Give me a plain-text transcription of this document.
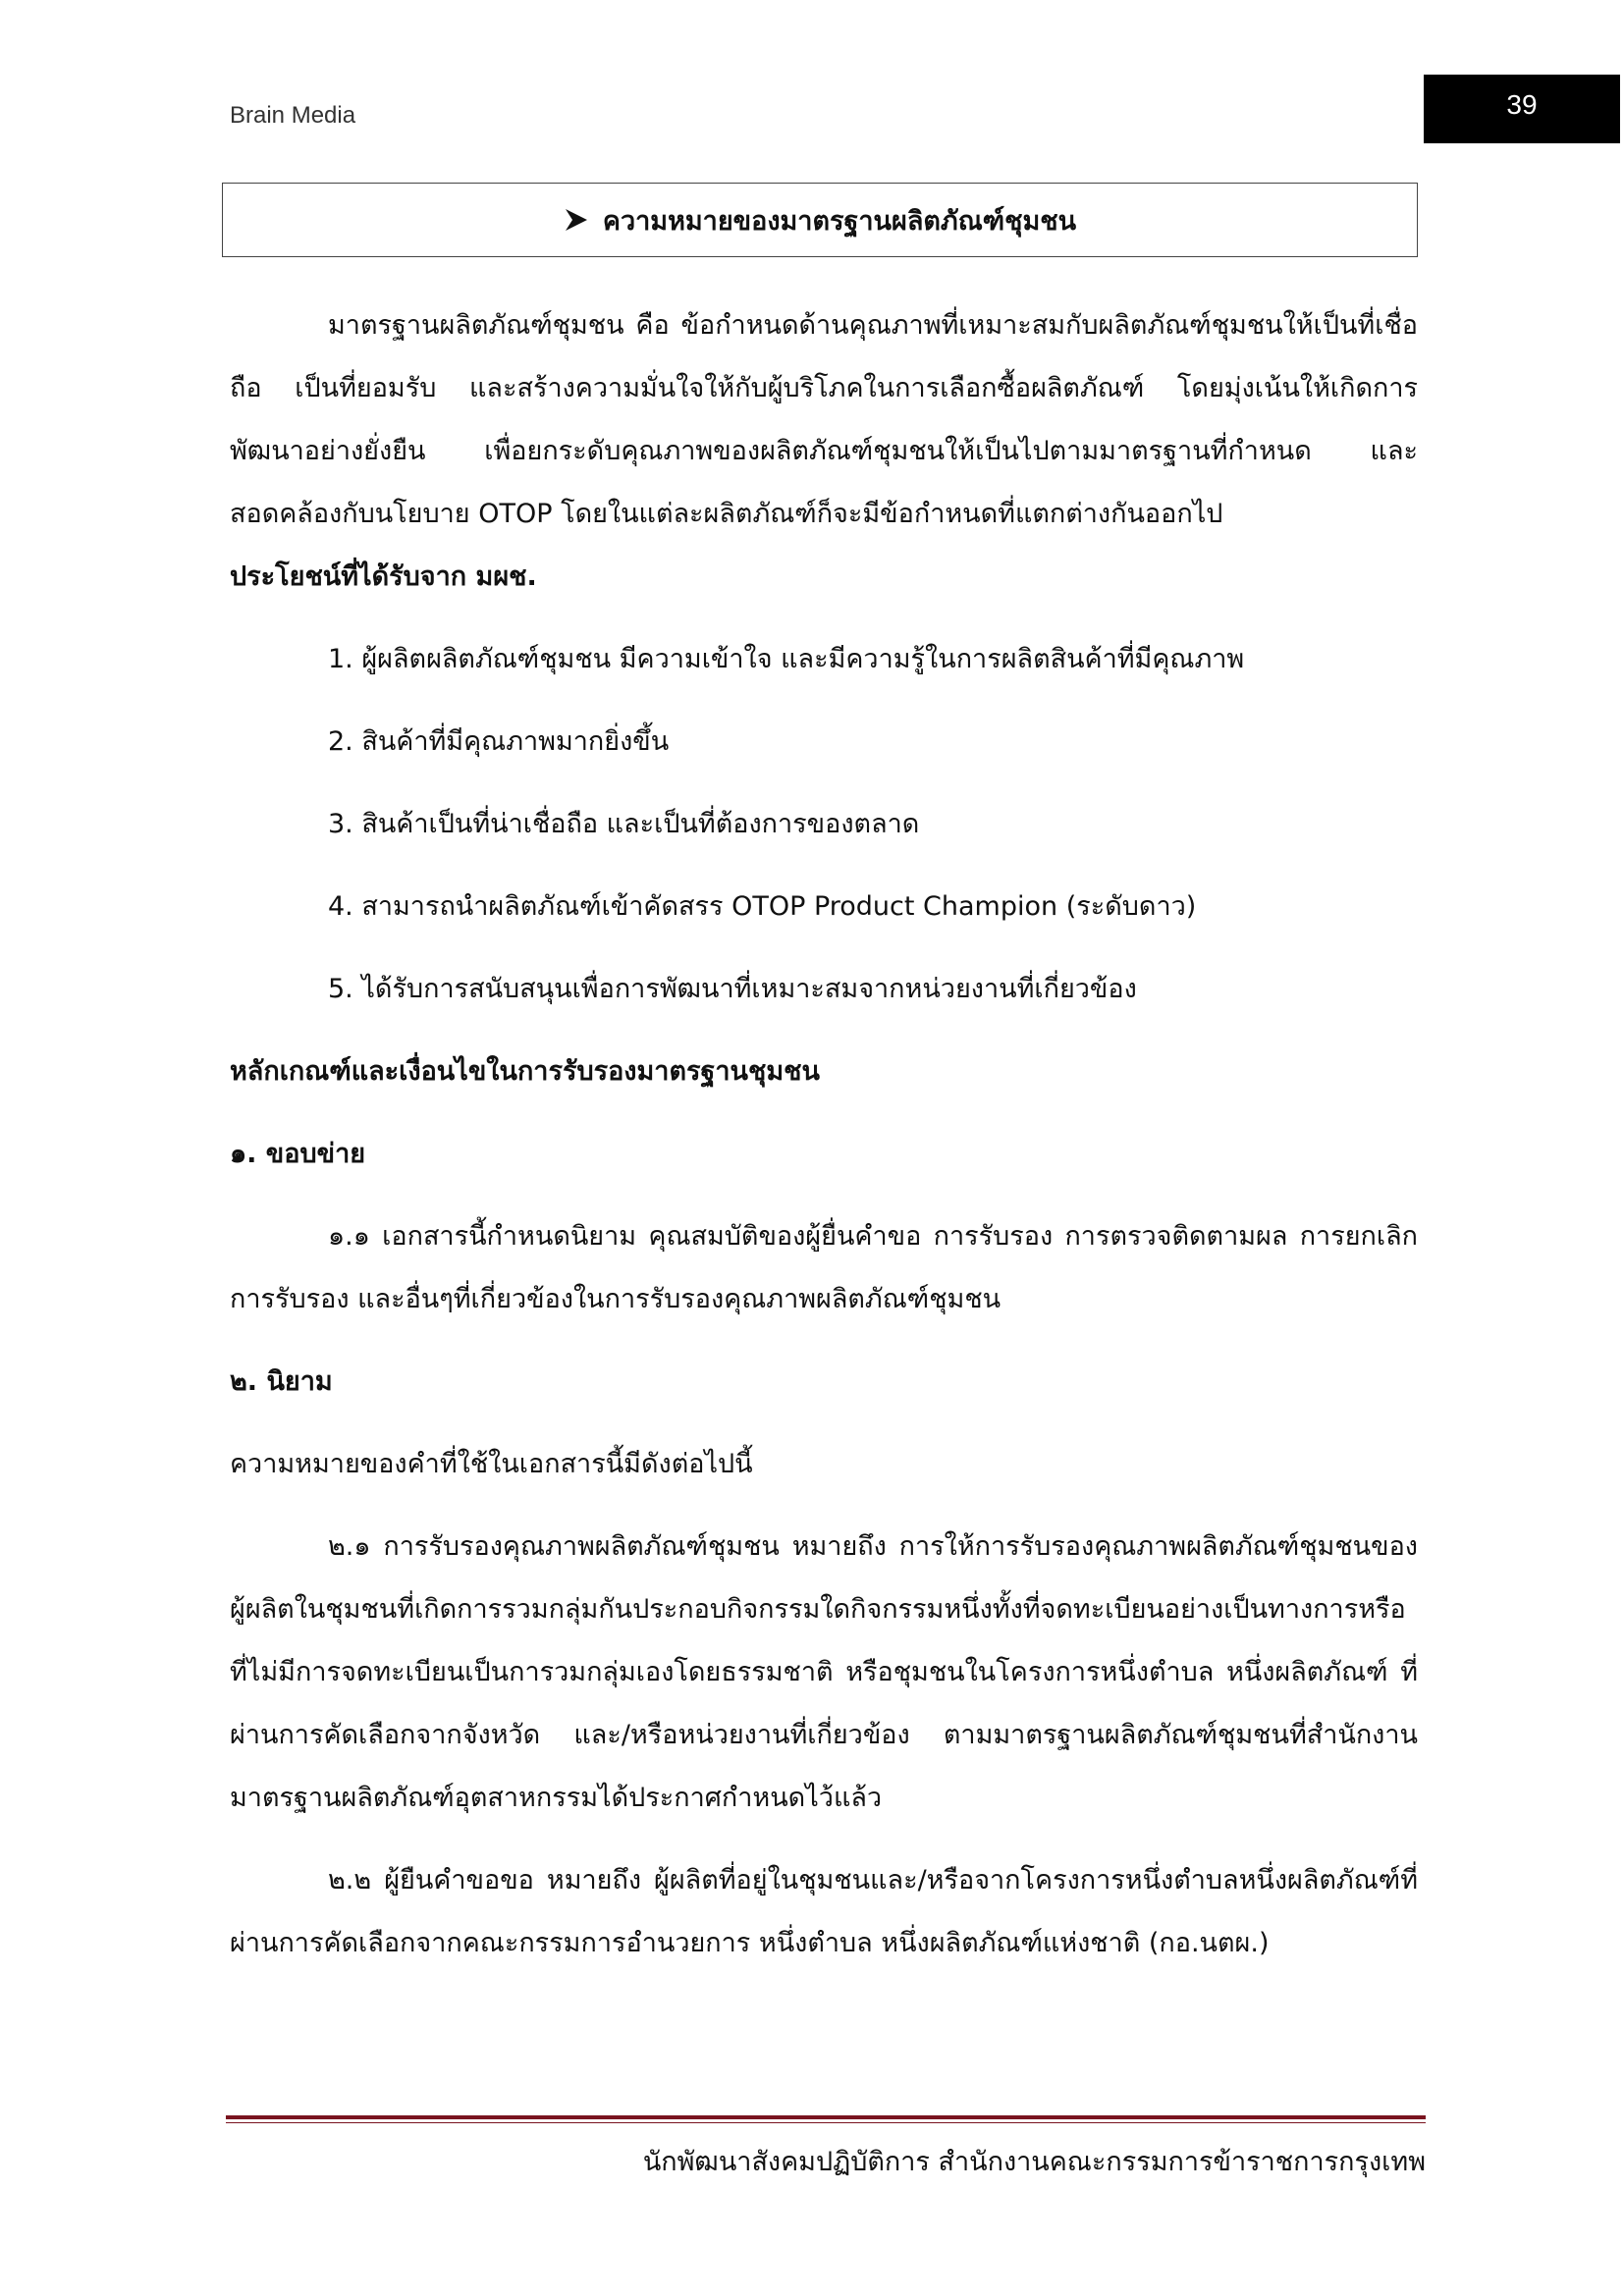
Brain Media	39
ความหมายของมาตรฐานผลิตภัณฑ์ชุมชน

มาตรฐานผลิตภัณฑ์ชุมชน คือ ข้อกำหนดด้านคุณภาพที่เหมาะสมกับผลิตภัณฑ์ชุมชนให้เป็นที่เชื่อถือ เป็นที่ยอมรับ และสร้างความมั่นใจให้กับผู้บริโภคในการเลือกซื้อผลิตภัณฑ์ โดยมุ่งเน้นให้เกิดการพัฒนาอย่างยั่งยืน เพื่อยกระดับคุณภาพของผลิตภัณฑ์ชุมชนให้เป็นไปตามมาตรฐานที่กำหนด และสอดคล้องกับนโยบาย OTOP โดยในแต่ละผลิตภัณฑ์ก็จะมีข้อกำหนดที่แตกต่างกันออกไป

ประโยชน์ที่ได้รับจาก มผช.

1. ผู้ผลิตผลิตภัณฑ์ชุมชน มีความเข้าใจ และมีความรู้ในการผลิตสินค้าที่มีคุณภาพ

2. สินค้าที่มีคุณภาพมากยิ่งขึ้น

3. สินค้าเป็นที่น่าเชื่อถือ และเป็นที่ต้องการของตลาด

4. สามารถนำผลิตภัณฑ์เข้าคัดสรร OTOP Product Champion (ระดับดาว)

5. ได้รับการสนับสนุนเพื่อการพัฒนาที่เหมาะสมจากหน่วยงานที่เกี่ยวข้อง

หลักเกณฑ์และเงื่อนไขในการรับรองมาตรฐานชุมชน

๑. ขอบข่าย

๑.๑ เอกสารนี้กำหนดนิยาม คุณสมบัติของผู้ยื่นคำขอ การรับรอง การตรวจติดตามผล การยกเลิกการรับรอง และอื่นๆที่เกี่ยวข้องในการรับรองคุณภาพผลิตภัณฑ์ชุมชน

๒. นิยาม

ความหมายของคำที่ใช้ในเอกสารนี้มีดังต่อไปนี้

๒.๑ การรับรองคุณภาพผลิตภัณฑ์ชุมชน หมายถึง การให้การรับรองคุณภาพผลิตภัณฑ์ชุมชนของผู้ผลิตในชุมชนที่เกิดการรวมกลุ่มกันประกอบกิจกรรมใดกิจกรรมหนึ่งทั้งที่จดทะเบียนอย่างเป็นทางการหรือที่ไม่มีการจดทะเบียนเป็นการวมกลุ่มเองโดยธรรมชาติ หรือชุมชนในโครงการหนึ่งตำบล หนึ่งผลิตภัณฑ์ ที่ผ่านการคัดเลือกจากจังหวัด และ/หรือหน่วยงานที่เกี่ยวข้อง ตามมาตรฐานผลิตภัณฑ์ชุมชนที่สำนักงานมาตรฐานผลิตภัณฑ์อุตสาหกรรมได้ประกาศกำหนดไว้แล้ว

๒.๒ ผู้ยืนคำขอขอ หมายถึง ผู้ผลิตที่อยู่ในชุมชนและ/หรือจากโครงการหนึ่งตำบลหนึ่งผลิตภัณฑ์ที่ผ่านการคัดเลือกจากคณะกรรมการอำนวยการ หนึ่งตำบล หนึ่งผลิตภัณฑ์แห่งชาติ (กอ.นตผ.)

นักพัฒนาสังคมปฏิบัติการ สำนักงานคณะกรรมการข้าราชการกรุงเทพ
